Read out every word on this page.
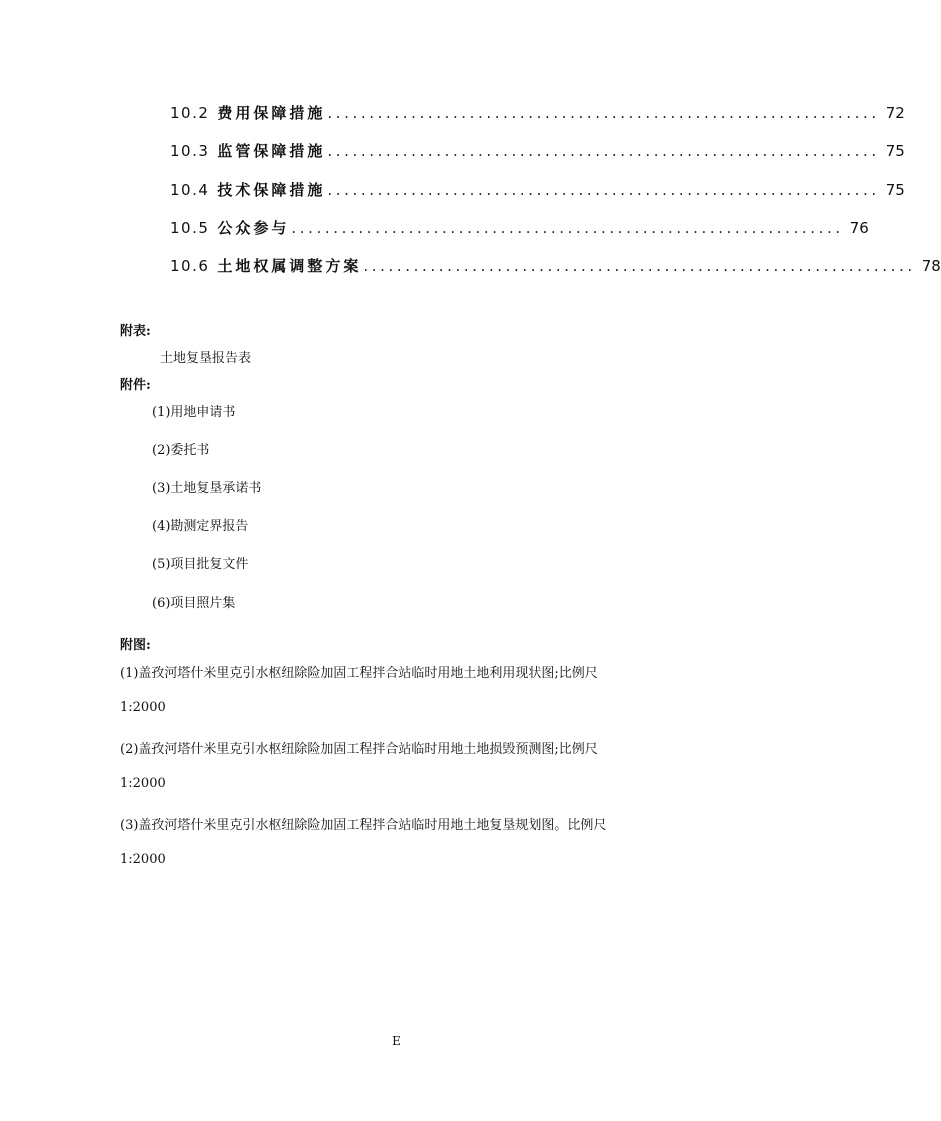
10.2 费用保障措施 .................................................................. 72
10.3 监管保障措施 .................................................................. 75
10.4 技术保障措施 .................................................................. 75
10.5 公众参与 .................................................................. 76
10.6 土地权属调整方案 .................................................................. 78
附表:
土地复垦报告表
附件:
(1)用地申请书
(2)委托书
(3)土地复垦承诺书
(4)勘测定界报告
(5)项目批复文件
(6)项目照片集
附图:
(1)盖孜河塔什米里克引水枢纽除险加固工程拌合站临时用地土地利用现状图;比例尺
1:2000
(2)盖孜河塔什米里克引水枢纽除险加固工程拌合站临时用地土地损毁预测图;比例尺
1:2000
(3)盖孜河塔什米里克引水枢纽除险加固工程拌合站临时用地土地复垦规划图。比例尺
1:2000
E
